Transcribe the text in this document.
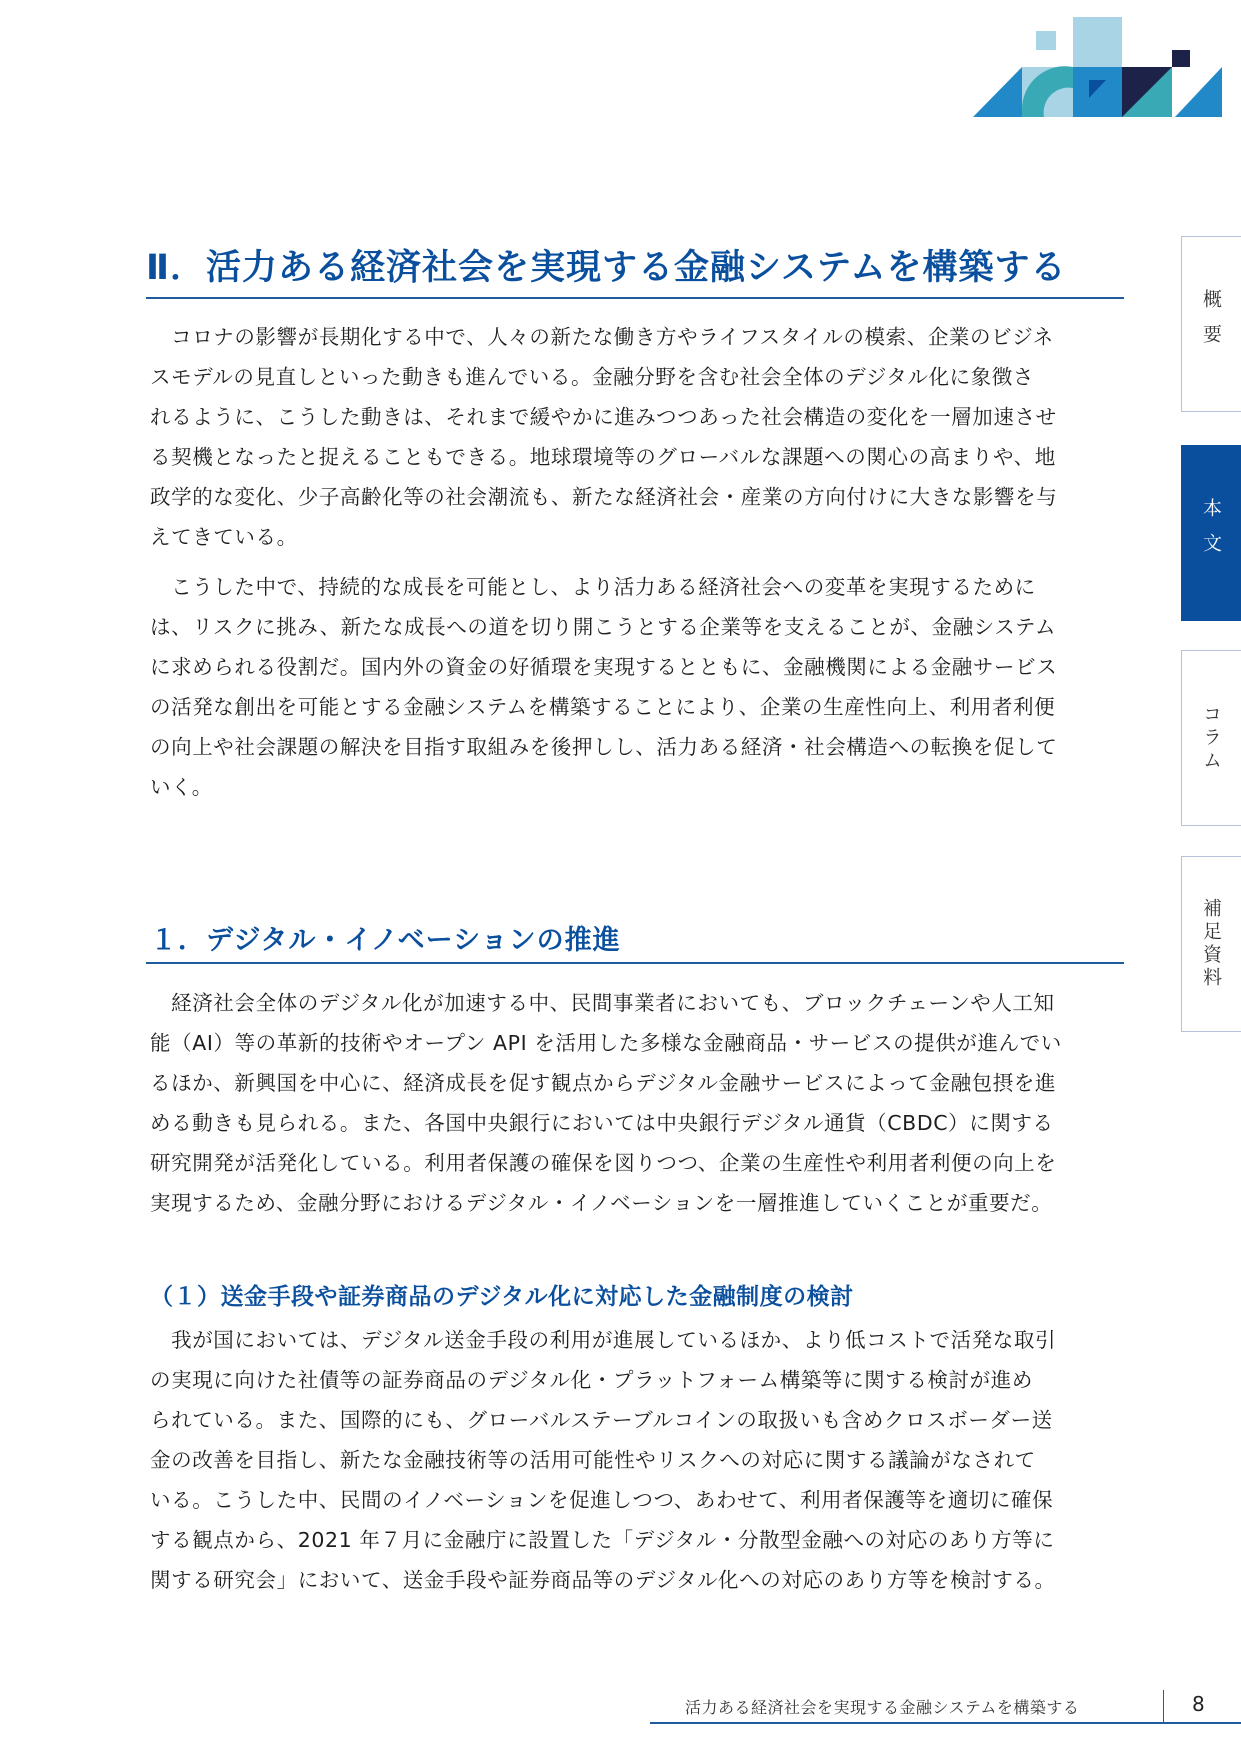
Ⅱ．活力ある経済社会を実現する金融システムを構築する
　コロナの影響が長期化する中で、人々の新たな働き方やライフスタイルの模索、企業のビジネ
スモデルの見直しといった動きも進んでいる。金融分野を含む社会全体のデジタル化に象徴さ
れるように、こうした動きは、それまで緩やかに進みつつあった社会構造の変化を一層加速させ
る契機となったと捉えることもできる。地球環境等のグローバルな課題への関心の高まりや、地
政学的な変化、少子高齢化等の社会潮流も、新たな経済社会・産業の方向付けに大きな影響を与
えてきている。
　こうした中で、持続的な成長を可能とし、より活力ある経済社会への変革を実現するために
は、リスクに挑み、新たな成長への道を切り開こうとする企業等を支えることが、金融システム
に求められる役割だ。国内外の資金の好循環を実現するとともに、金融機関による金融サービス
の活発な創出を可能とする金融システムを構築することにより、企業の生産性向上、利用者利便
の向上や社会課題の解決を目指す取組みを後押しし、活力ある経済・社会構造への転換を促して
いく。
１．デジタル・イノベーションの推進
　経済社会全体のデジタル化が加速する中、民間事業者においても、ブロックチェーンや人工知
能（AI）等の革新的技術やオープン API を活用した多様な金融商品・サービスの提供が進んでい
るほか、新興国を中心に、経済成長を促す観点からデジタル金融サービスによって金融包摂を進
める動きも見られる。また、各国中央銀行においては中央銀行デジタル通貨（CBDC）に関する
研究開発が活発化している。利用者保護の確保を図りつつ、企業の生産性や利用者利便の向上を
実現するため、金融分野におけるデジタル・イノベーションを一層推進していくことが重要だ。
（１）送金手段や証券商品のデジタル化に対応した金融制度の検討
　我が国においては、デジタル送金手段の利用が進展しているほか、より低コストで活発な取引
の実現に向けた社債等の証券商品のデジタル化・プラットフォーム構築等に関する検討が進め
られている。また、国際的にも、グローバルステーブルコインの取扱いも含めクロスボーダー送
金の改善を目指し、新たな金融技術等の活用可能性やリスクへの対応に関する議論がなされて
いる。こうした中、民間のイノベーションを促進しつつ、あわせて、利用者保護等を適切に確保
する観点から、2021 年７月に金融庁に設置した「デジタル・分散型金融への対応のあり方等に
関する研究会」において、送金手段や証券商品等のデジタル化への対応のあり方等を検討する。
概要
本文
コラム
補足資料
活力ある経済社会を実現する金融システムを構築する	8
